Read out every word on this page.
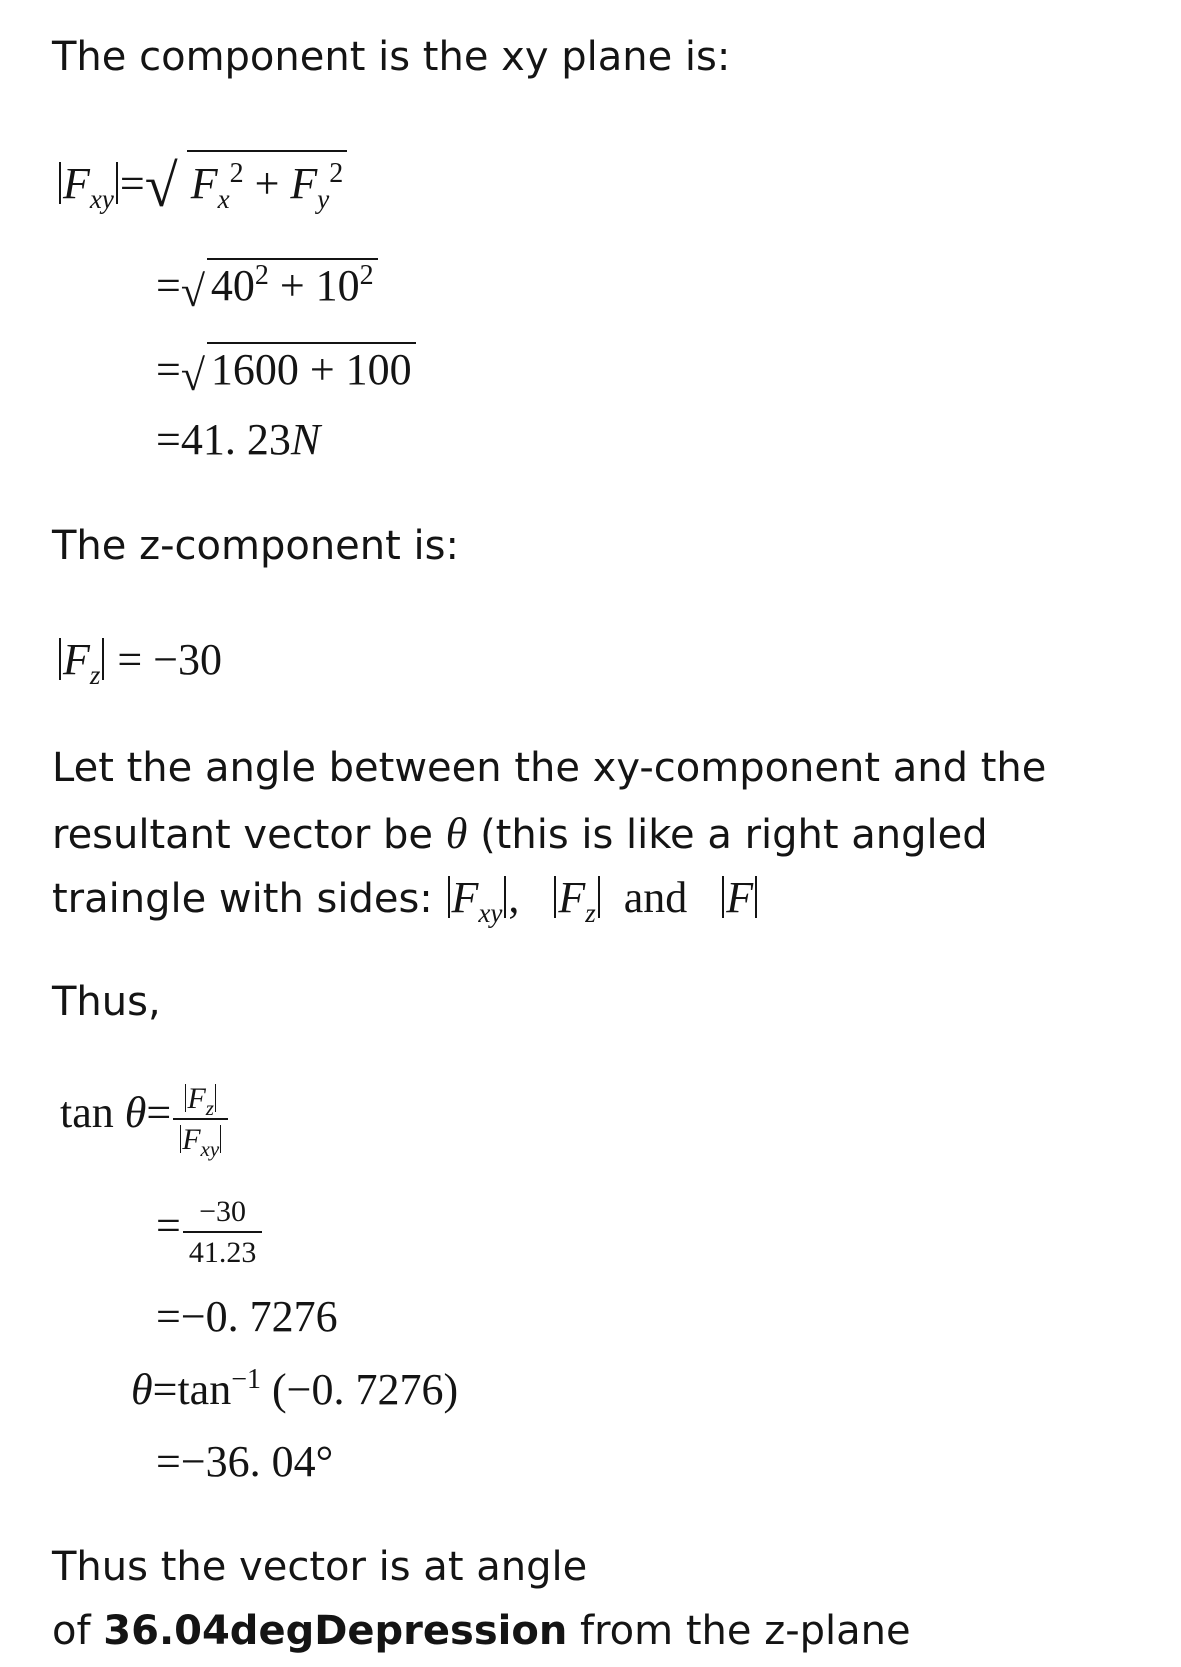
The component is the xy plane is:
$F_{xy}$ = √ $F_x^2 + F_y^2$
= √ $40^2 + 10^2$
= √ 1600 + 100
=41. 23N
The z-component is:
$F_z = -30$
Let the angle between the xy-component and the
resultant vector be θ (this is like a right angled
traingle with sides: $F_{xy}$ ,   $F_z$ and F
Thus,
$\tan \theta= \frac{F_z}{F_{xy}}$
= $\frac{-30}{41.23}$
=−0. 7276
$\theta=\tan^{-1}$ (−0. 7276)
=−36. 04°
Thus the vector is at angle
of 36.04degDepression from the z-plane
